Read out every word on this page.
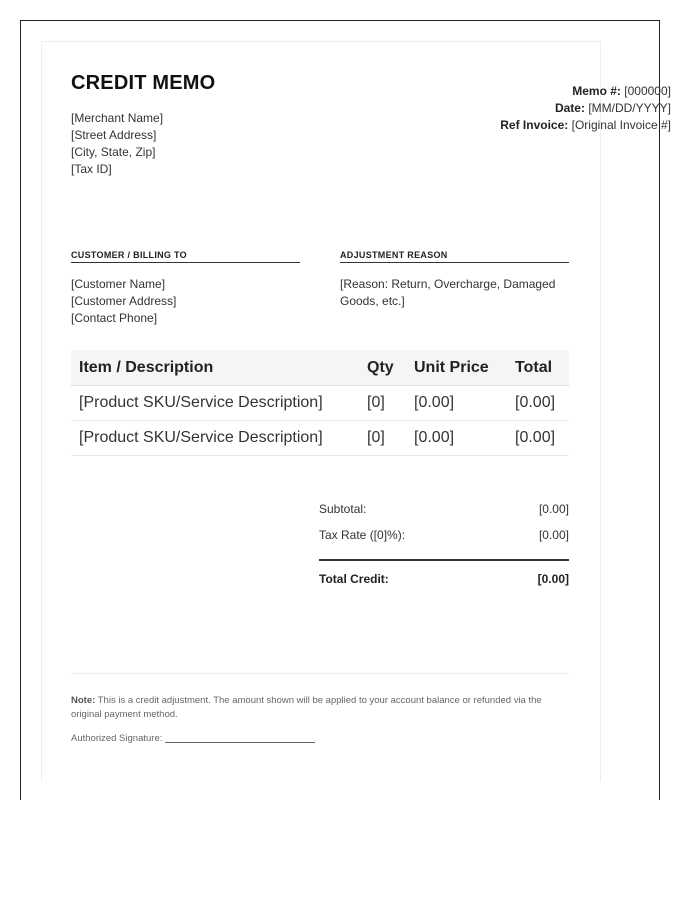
CREDIT MEMO
[Merchant Name]
[Street Address]
[City, State, Zip]
[Tax ID]
Memo #: [000000]
Date: [MM/DD/YYYY]
Ref Invoice: [Original Invoice #]
CUSTOMER / BILLING TO
[Customer Name]
[Customer Address]
[Contact Phone]
ADJUSTMENT REASON
[Reason: Return, Overcharge, Damaged Goods, etc.]
Item / Description	Qty	Unit Price	Total
[Product SKU/Service Description]	[0]	[0.00]	[0.00]
[Product SKU/Service Description]	[0]	[0.00]	[0.00]
Subtotal:	[0.00]
Tax Rate ([0]%):	[0.00]
Total Credit:	[0.00]
Note: This is a credit adjustment. The amount shown will be applied to your account balance or refunded via the original payment method.
Authorized Signature:
